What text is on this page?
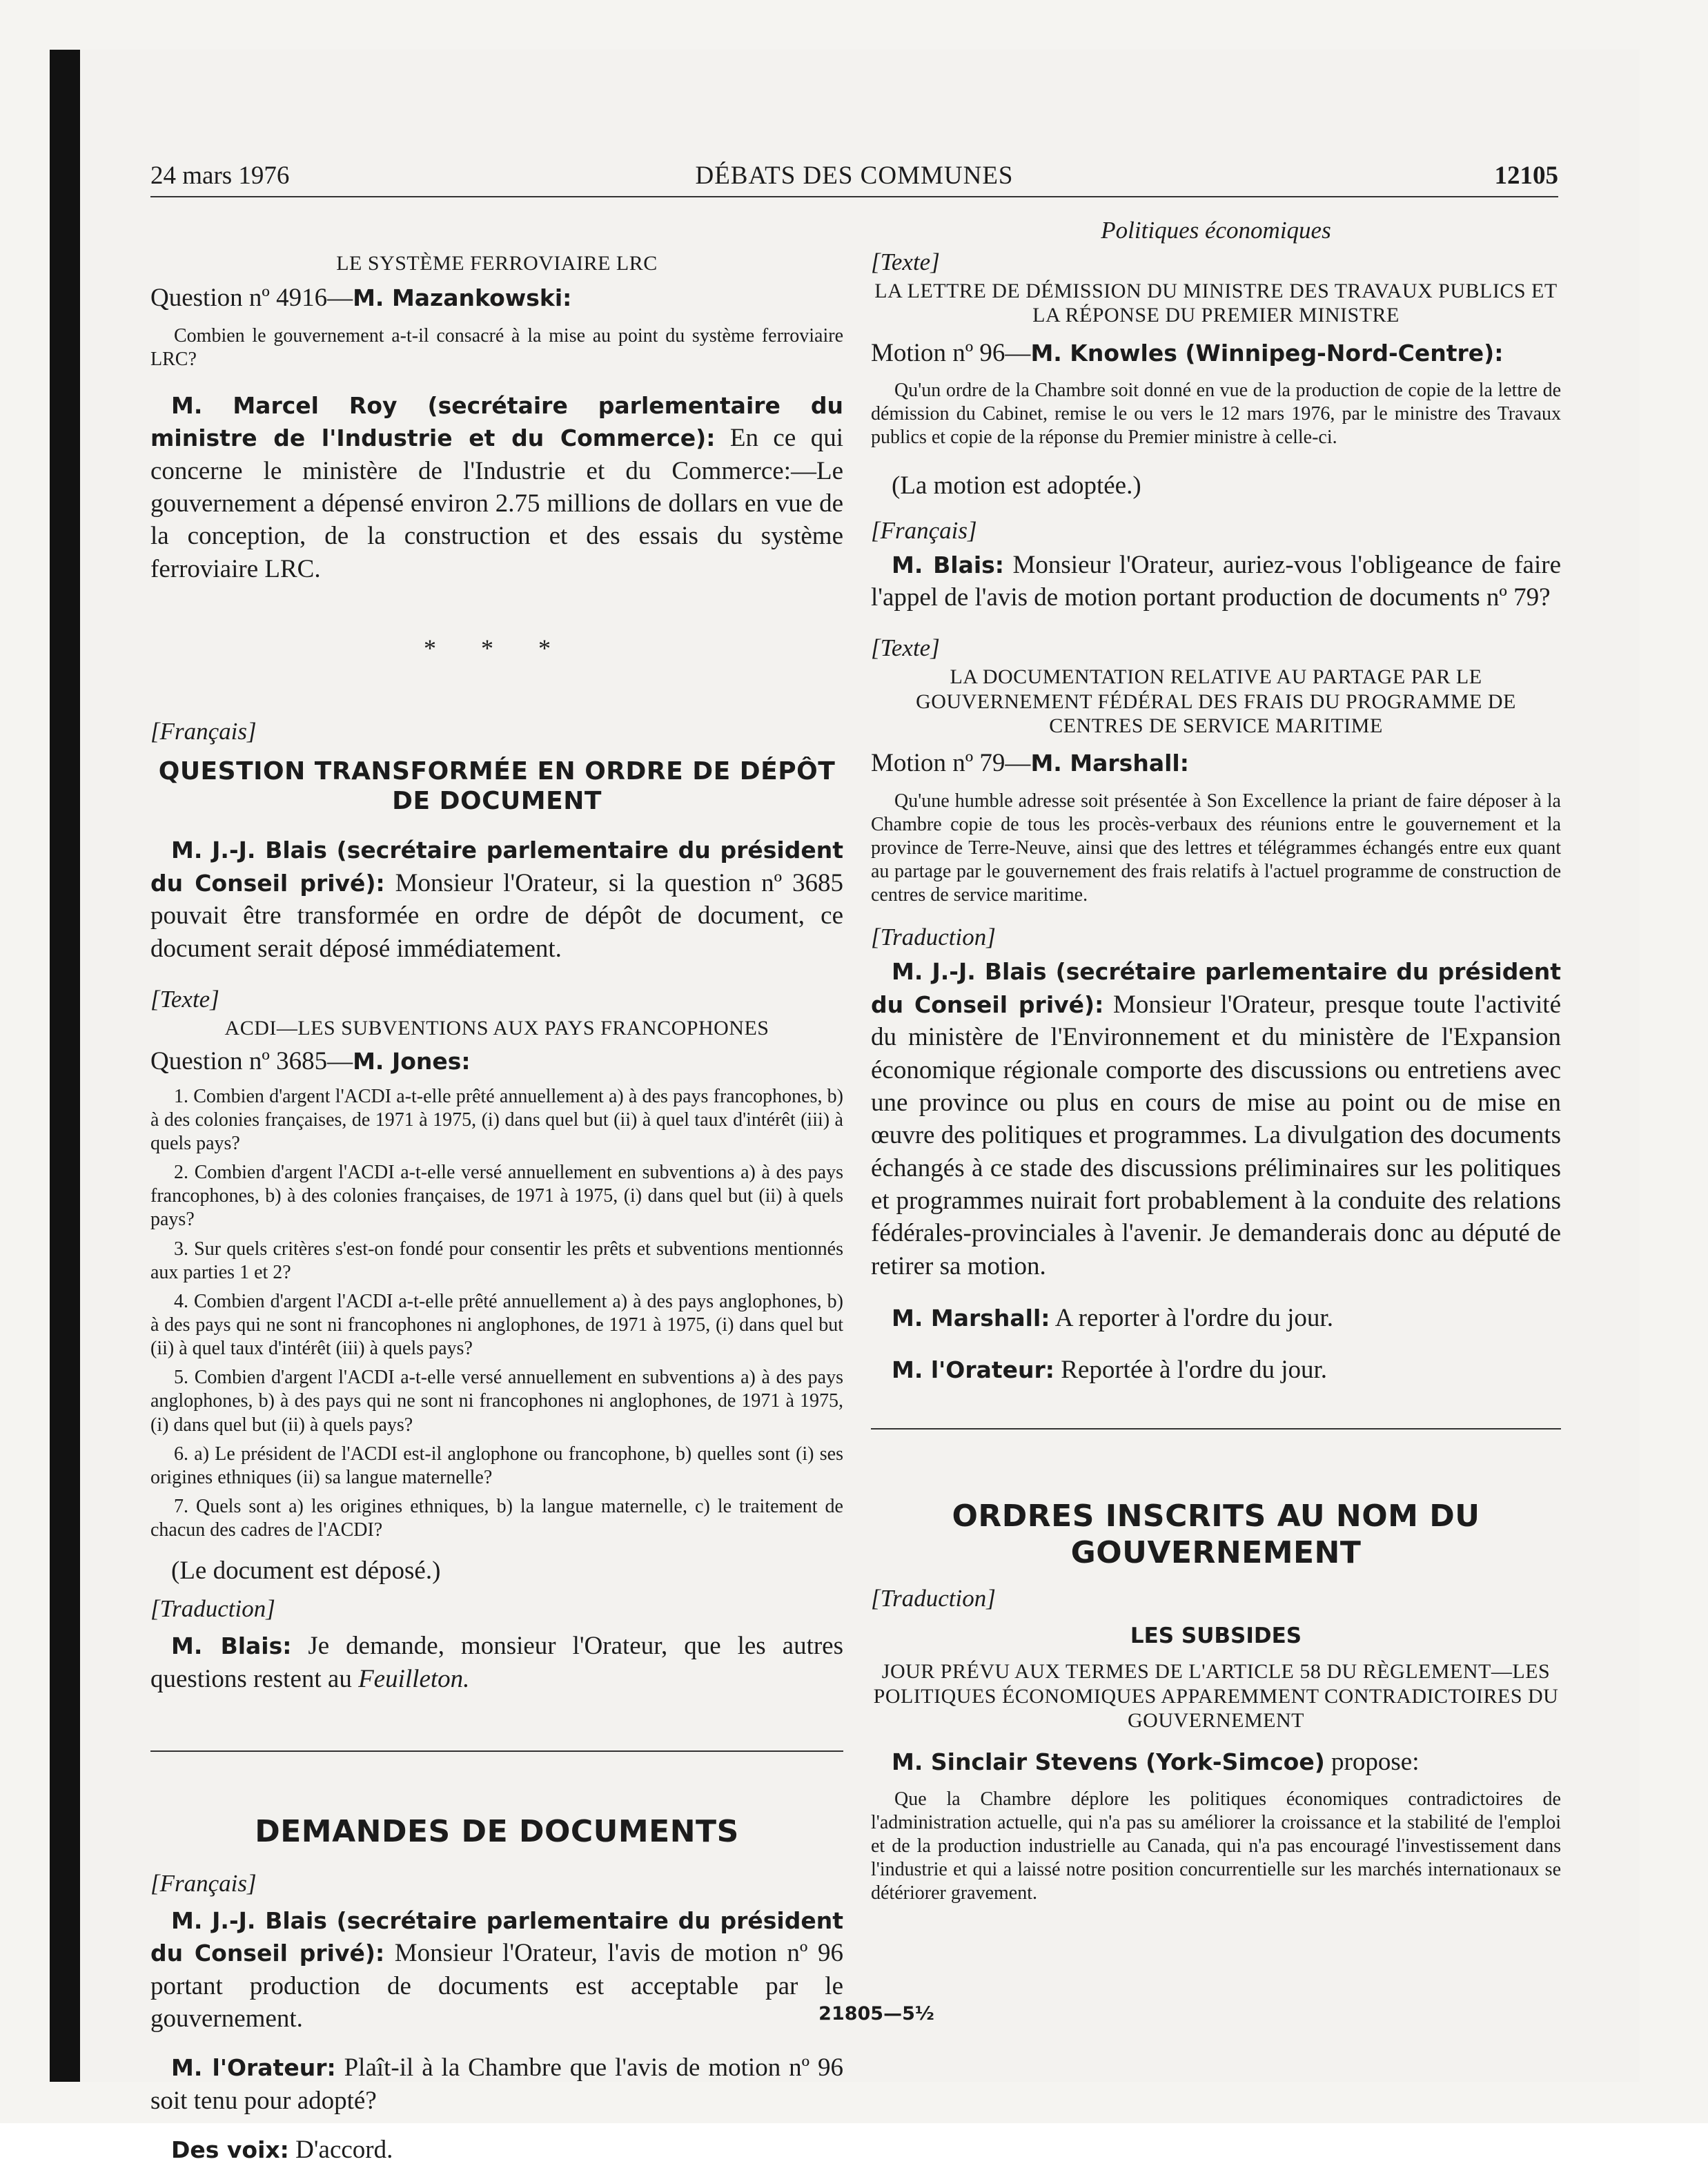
24 mars 1976	DÉBATS DES COMMUNES	12105

LE SYSTÈME FERROVIAIRE LRC

Question nº 4916—M. Mazankowski:

Combien le gouvernement a-t-il consacré à la mise au point du système ferroviaire LRC?

M. Marcel Roy (secrétaire parlementaire du ministre de l'Industrie et du Commerce): En ce qui concerne le ministère de l'Industrie et du Commerce:—Le gouvernement a dépensé environ 2.75 millions de dollars en vue de la conception, de la construction et des essais du système ferroviaire LRC.

* * *

[Français]

QUESTION TRANSFORMÉE EN ORDRE DE DÉPÔT DE DOCUMENT

M. J.-J. Blais (secrétaire parlementaire du président du Conseil privé): Monsieur l'Orateur, si la question nº 3685 pouvait être transformée en ordre de dépôt de document, ce document serait déposé immédiatement.

[Texte]

ACDI—LES SUBVENTIONS AUX PAYS FRANCOPHONES

Question nº 3685—M. Jones:

1. Combien d'argent l'ACDI a-t-elle prêté annuellement a) à des pays francophones, b) à des colonies françaises, de 1971 à 1975, (i) dans quel but (ii) à quel taux d'intérêt (iii) à quels pays?

2. Combien d'argent l'ACDI a-t-elle versé annuellement en subventions a) à des pays francophones, b) à des colonies françaises, de 1971 à 1975, (i) dans quel but (ii) à quels pays?

3. Sur quels critères s'est-on fondé pour consentir les prêts et subventions mentionnés aux parties 1 et 2?

4. Combien d'argent l'ACDI a-t-elle prêté annuellement a) à des pays anglophones, b) à des pays qui ne sont ni francophones ni anglophones, de 1971 à 1975, (i) dans quel but (ii) à quel taux d'intérêt (iii) à quels pays?

5. Combien d'argent l'ACDI a-t-elle versé annuellement en subventions a) à des pays anglophones, b) à des pays qui ne sont ni francophones ni anglophones, de 1971 à 1975, (i) dans quel but (ii) à quels pays?

6. a) Le président de l'ACDI est-il anglophone ou francophone, b) quelles sont (i) ses origines ethniques (ii) sa langue maternelle?

7. Quels sont a) les origines ethniques, b) la langue maternelle, c) le traitement de chacun des cadres de l'ACDI?

(Le document est déposé.)

[Traduction]

M. Blais: Je demande, monsieur l'Orateur, que les autres questions restent au Feuilleton.

DEMANDES DE DOCUMENTS

[Français]

M. J.-J. Blais (secrétaire parlementaire du président du Conseil privé): Monsieur l'Orateur, l'avis de motion nº 96 portant production de documents est acceptable par le gouvernement.

M. l'Orateur: Plaît-il à la Chambre que l'avis de motion nº 96 soit tenu pour adopté?

Des voix: D'accord.

Politiques économiques

[Texte]

LA LETTRE DE DÉMISSION DU MINISTRE DES TRAVAUX PUBLICS ET LA RÉPONSE DU PREMIER MINISTRE

Motion nº 96—M. Knowles (Winnipeg-Nord-Centre):

Qu'un ordre de la Chambre soit donné en vue de la production de copie de la lettre de démission du Cabinet, remise le ou vers le 12 mars 1976, par le ministre des Travaux publics et copie de la réponse du Premier ministre à celle-ci.

(La motion est adoptée.)

[Français]

M. Blais: Monsieur l'Orateur, auriez-vous l'obligeance de faire l'appel de l'avis de motion portant production de documents nº 79?

[Texte]

LA DOCUMENTATION RELATIVE AU PARTAGE PAR LE GOUVERNEMENT FÉDÉRAL DES FRAIS DU PROGRAMME DE CENTRES DE SERVICE MARITIME

Motion nº 79—M. Marshall:

Qu'une humble adresse soit présentée à Son Excellence la priant de faire déposer à la Chambre copie de tous les procès-verbaux des réunions entre le gouvernement et la province de Terre-Neuve, ainsi que des lettres et télégrammes échangés entre eux quant au partage par le gouvernement des frais relatifs à l'actuel programme de construction de centres de service maritime.

[Traduction]

M. J.-J. Blais (secrétaire parlementaire du président du Conseil privé): Monsieur l'Orateur, presque toute l'activité du ministère de l'Environnement et du ministère de l'Expansion économique régionale comporte des discussions ou entretiens avec une province ou plus en cours de mise au point ou de mise en œuvre des politiques et programmes. La divulgation des documents échangés à ce stade des discussions préliminaires sur les politiques et programmes nuirait fort probablement à la conduite des relations fédérales-provinciales à l'avenir. Je demanderais donc au député de retirer sa motion.

M. Marshall: A reporter à l'ordre du jour.

M. l'Orateur: Reportée à l'ordre du jour.

ORDRES INSCRITS AU NOM DU GOUVERNEMENT

[Traduction]

LES SUBSIDES

JOUR PRÉVU AUX TERMES DE L'ARTICLE 58 DU RÈGLEMENT—LES POLITIQUES ÉCONOMIQUES APPAREMMENT CONTRADICTOIRES DU GOUVERNEMENT

M. Sinclair Stevens (York-Simcoe) propose:

Que la Chambre déplore les politiques économiques contradictoires de l'administration actuelle, qui n'a pas su améliorer la croissance et la stabilité de l'emploi et de la production industrielle au Canada, qui n'a pas encouragé l'investissement dans l'industrie et qui a laissé notre position concurrentielle sur les marchés internationaux se détériorer gravement.

21805—5½
